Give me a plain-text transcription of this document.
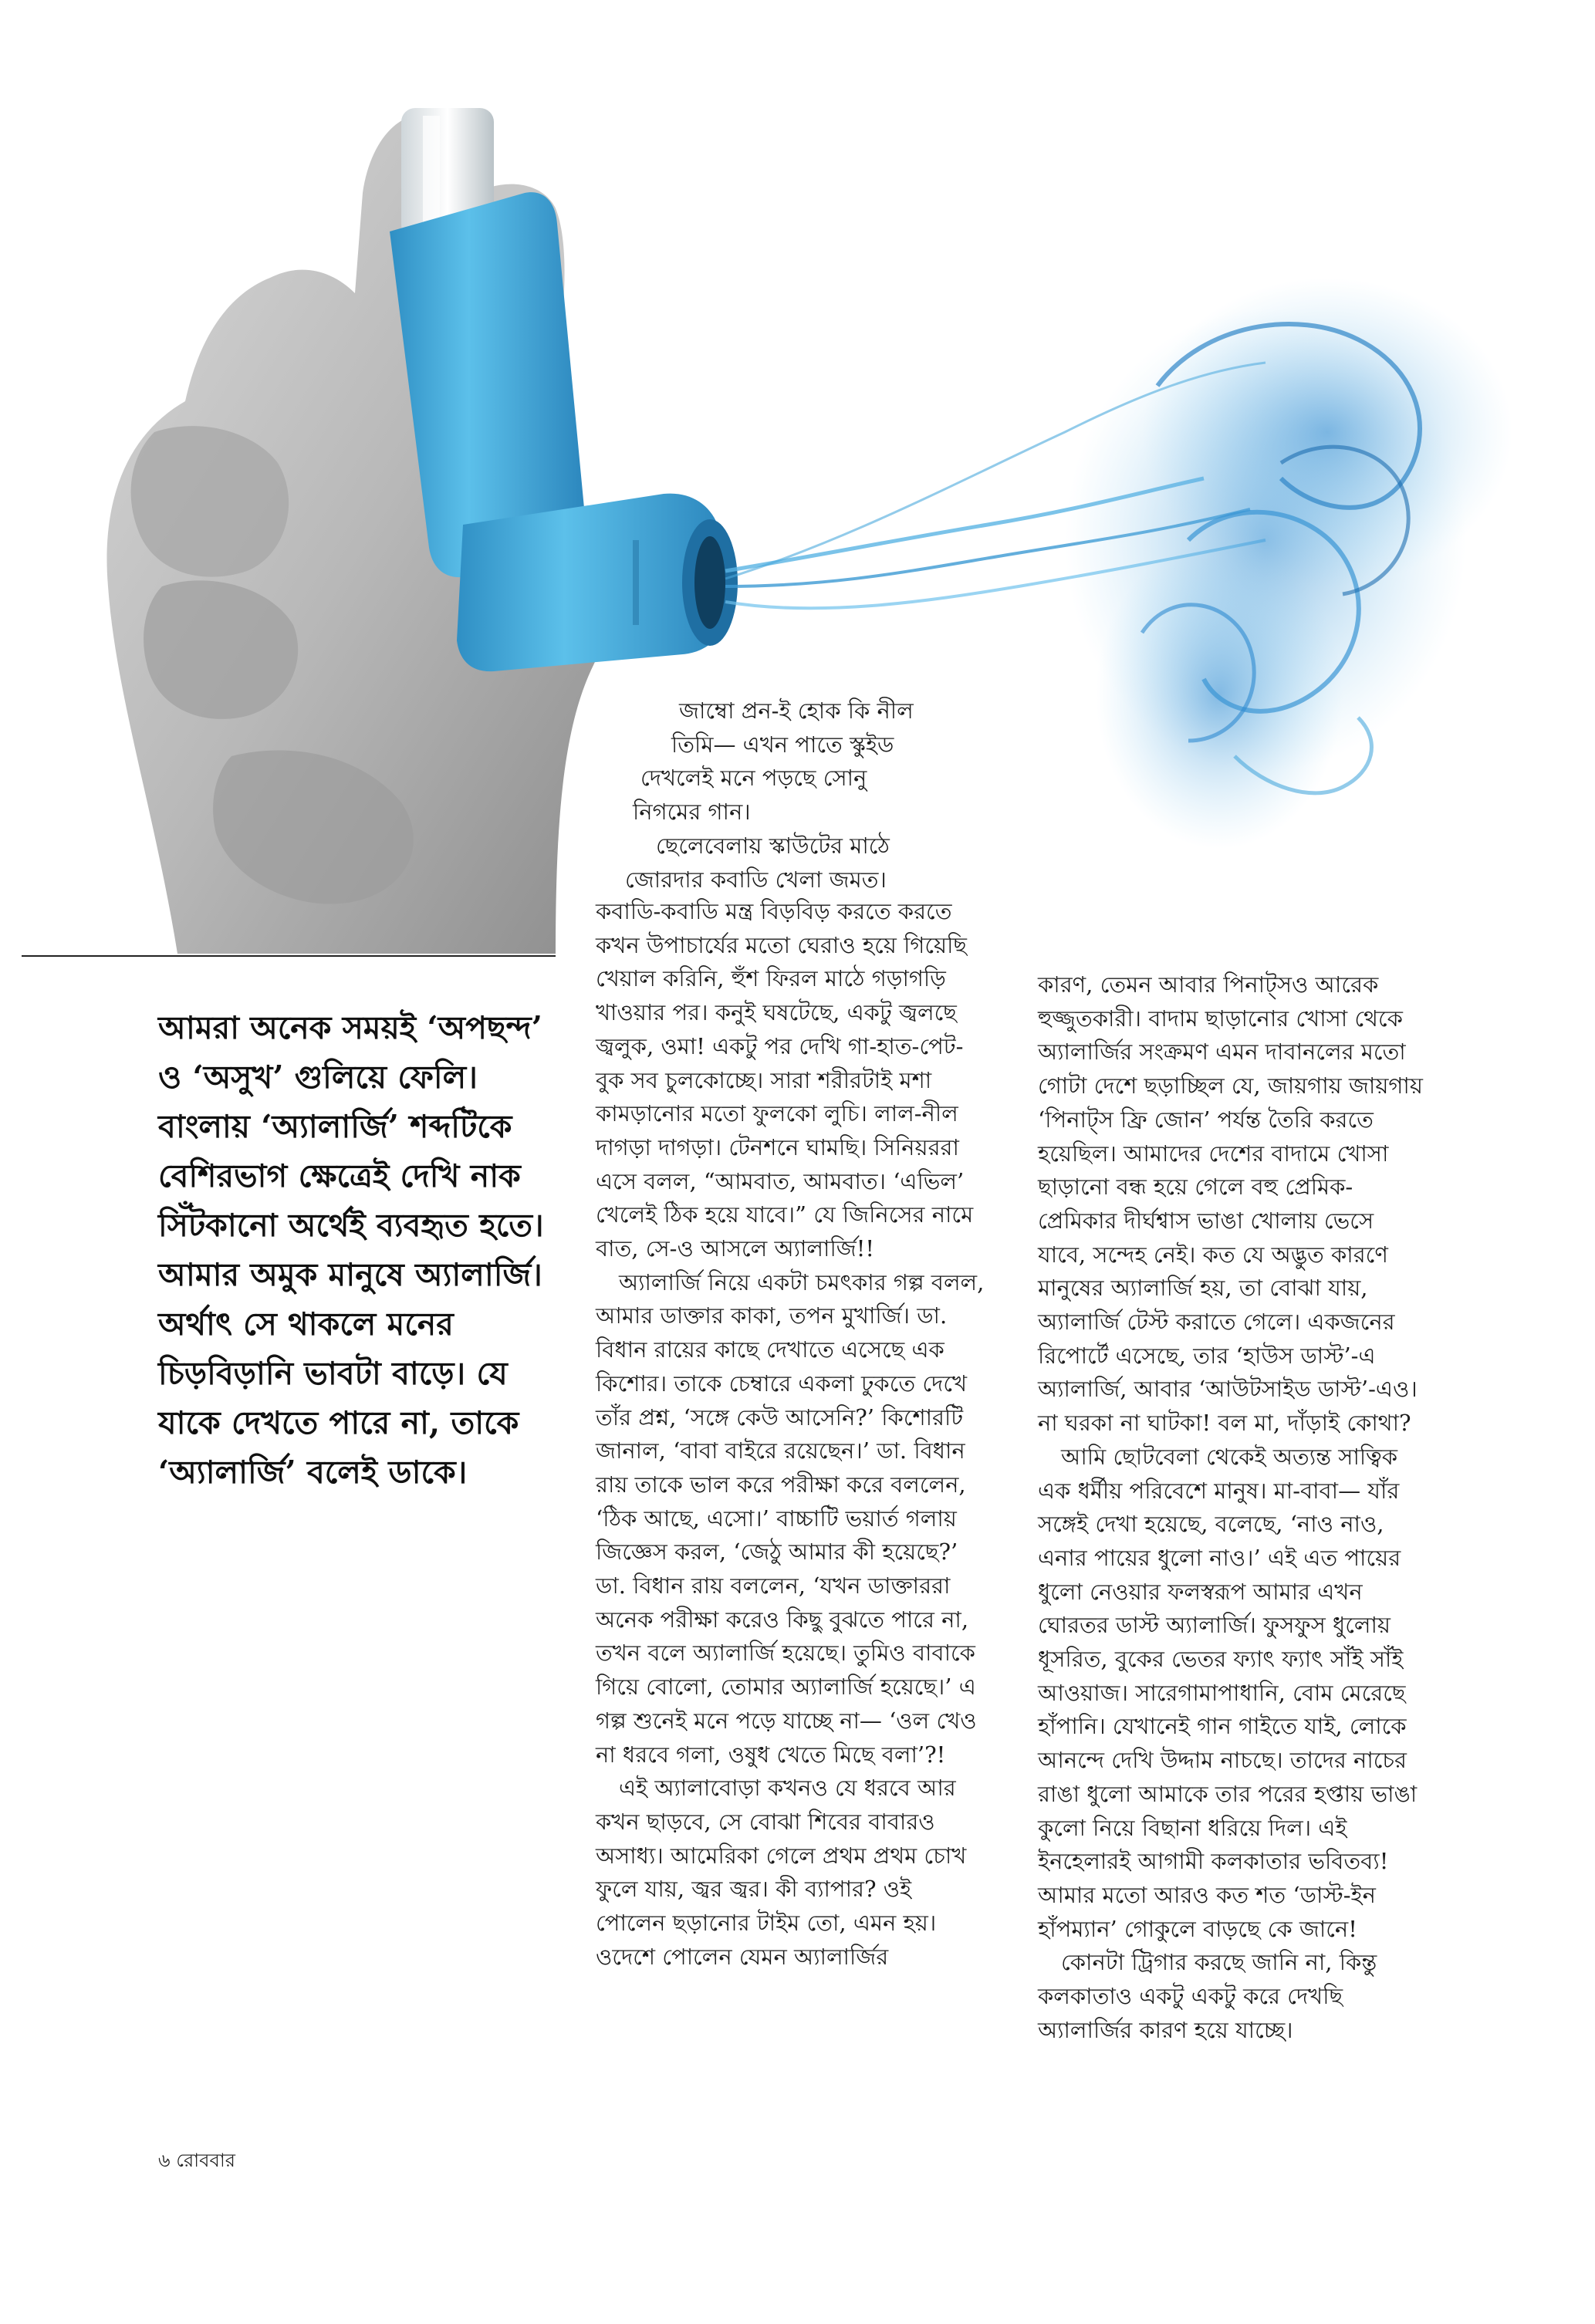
আমরা অনেক সময়ই ‘অপছন্দ’ ও ‘অসুখ’ গুলিয়ে ফেলি। বাংলায় ‘অ্যালার্জি’ শব্দটিকে বেশিরভাগ ক্ষেত্রেই দেখি নাক সিঁটকানো অর্থেই ব্যবহৃত হতে। আমার অমুক মানুষে অ্যালার্জি। অর্থাৎ সে থাকলে মনের চিড়বিড়ানি ভাবটা বাড়ে। যে যাকে দেখতে পারে না, তাকে ‘অ্যালার্জি’ বলেই ডাকে।

জাম্বো প্রন-ই হোক কি নীল

তিমি— এখন পাতে স্কুইড

দেখলেই মনে পড়ছে সোনু

নিগমের গান।

ছেলেবেলায় স্কাউটের মাঠে

জোরদার কবাডি খেলা জমত।

কবাডি-কবাডি মন্ত্র বিড়বিড় করতে করতে কখন উপাচার্যের মতো ঘেরাও হয়ে গিয়েছি খেয়াল করিনি, হুঁশ ফিরল মাঠে গড়াগড়ি খাওয়ার পর। কনুই ঘষটেছে, একটু জ্বলছে জ্বলুক, ওমা! একটু পর দেখি গা-হাত-পেট-বুক সব চুলকোচ্ছে। সারা শরীরটাই মশা কামড়ানোর মতো ফুলকো লুচি। লাল-নীল দাগড়া দাগড়া। টেনশনে ঘামছি। সিনিয়ররা এসে বলল, “আমবাত, আমবাত। ‘এভিল’ খেলেই ঠিক হয়ে যাবে।” যে জিনিসের নামে বাত, সে-ও আসলে অ্যালার্জি!!

অ্যালার্জি নিয়ে একটা চমৎকার গল্প বলল, আমার ডাক্তার কাকা, তপন মুখার্জি। ডা. বিধান রায়ের কাছে দেখাতে এসেছে এক কিশোর। তাকে চেম্বারে একলা ঢুকতে দেখে তাঁর প্রশ্ন, ‘সঙ্গে কেউ আসেনি?’ কিশোরটি জানাল, ‘বাবা বাইরে রয়েছেন।’ ডা. বিধান রায় তাকে ভাল করে পরীক্ষা করে বললেন, ‘ঠিক আছে, এসো।’ বাচ্চাটি ভয়ার্ত গলায় জিজ্ঞেস করল, ‘জেঠু আমার কী হয়েছে?’ ডা. বিধান রায় বললেন, ‘যখন ডাক্তাররা অনেক পরীক্ষা করেও কিছু বুঝতে পারে না, তখন বলে অ্যালার্জি হয়েছে। তুমিও বাবাকে গিয়ে বোলো, তোমার অ্যালার্জি হয়েছে।’ এ গল্প শুনেই মনে পড়ে যাচ্ছে না— ‘ওল খেও না ধরবে গলা, ওষুধ খেতে মিছে বলা’?!

এই অ্যালাবোড়া কখনও যে ধরবে আর কখন ছাড়বে, সে বোঝা শিবের বাবারও অসাধ্য। আমেরিকা গেলে প্রথম প্রথম চোখ ফুলে যায়, জ্বর জ্বর। কী ব্যাপার? ওই পোলেন ছড়ানোর টাইম তো, এমন হয়। ওদেশে পোলেন যেমন অ্যালার্জির

কারণ, তেমন আবার পিনাট্‌সও আরেক হুজ্জুতকারী। বাদাম ছাড়ানোর খোসা থেকে অ্যালার্জির সংক্রমণ এমন দাবানলের মতো গোটা দেশে ছড়াচ্ছিল যে, জায়গায় জায়গায় ‘পিনাট্‌স ফ্রি জোন’ পর্যন্ত তৈরি করতে হয়েছিল। আমাদের দেশের বাদামে খোসা ছাড়ানো বন্ধ হয়ে গেলে বহু প্রেমিক-প্রেমিকার দীর্ঘশ্বাস ভাঙা খোলায় ভেসে যাবে, সন্দেহ নেই। কত যে অদ্ভুত কারণে মানুষের অ্যালার্জি হয়, তা বোঝা যায়, অ্যালার্জি টেস্ট করাতে গেলে। একজনের রিপোর্টে এসেছে, তার ‘হাউস ডাস্ট’-এ অ্যালার্জি, আবার ‘আউটসাইড ডাস্ট’-এও। না ঘরকা না ঘাটকা! বল মা, দাঁড়াই কোথা?

আমি ছোটবেলা থেকেই অত্যন্ত সাত্বিক এক ধর্মীয় পরিবেশে মানুষ। মা-বাবা— যাঁর সঙ্গেই দেখা হয়েছে, বলেছে, ‘নাও নাও, এনার পায়ের ধুলো নাও।’ এই এত পায়ের ধুলো নেওয়ার ফলস্বরূপ আমার এখন ঘোরতর ডাস্ট অ্যালার্জি। ফুসফুস ধুলোয় ধূসরিত, বুকের ভেতর ফ্যাৎ ফ্যাৎ সাঁই সাঁই আওয়াজ। সারেগামাপাধানি, বোম মেরেছে হাঁপানি। যেখানেই গান গাইতে যাই, লোকে আনন্দে দেখি উদ্দাম নাচছে। তাদের নাচের রাঙা ধুলো আমাকে তার পরের হপ্তায় ভাঙা কুলো নিয়ে বিছানা ধরিয়ে দিল। এই ইনহেলারই আগামী কলকাতার ভবিতব্য! আমার মতো আরও কত শত ‘ডাস্ট-ইন হাঁপম্যান’ গোকুলে বাড়ছে কে জানে!

কোনটা ট্রিগার করছে জানি না, কিন্তু কলকাতাও একটু একটু করে দেখছি অ্যালার্জির কারণ হয়ে যাচ্ছে।

৬ রোববার
